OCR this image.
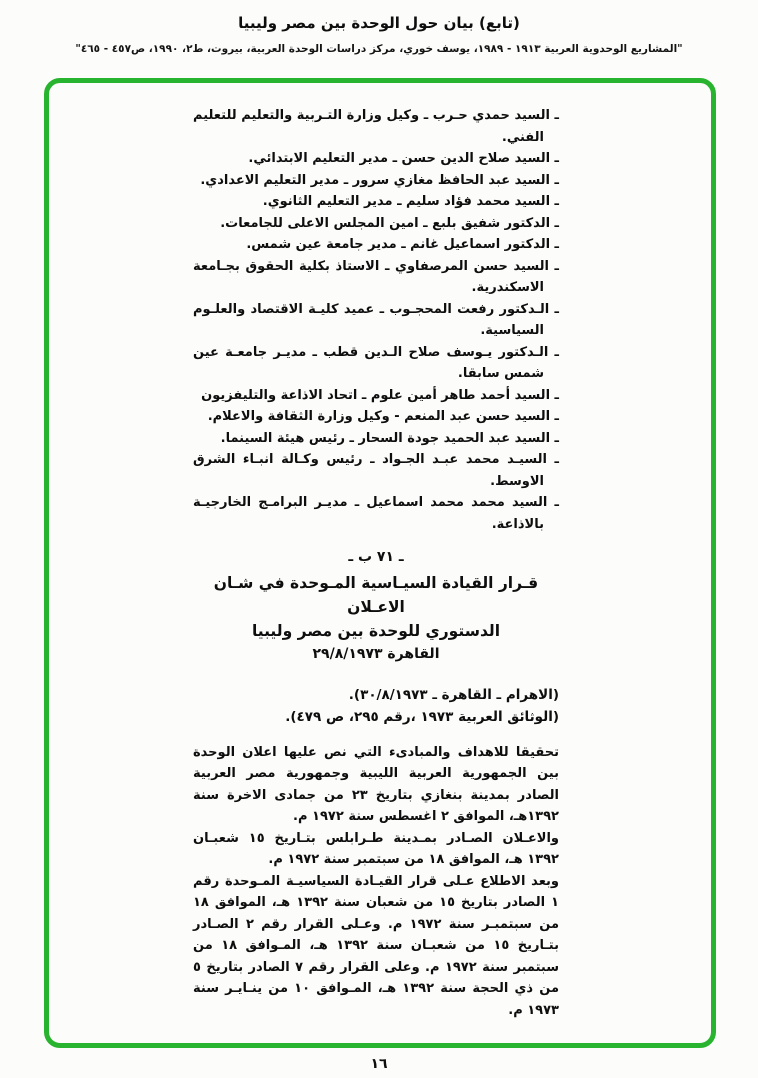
(تابع) بيان حول الوحدة بين مصر وليبيا
"المشاريع الوحدوية العربية ١٩١٣ - ١٩٨٩، يوسف خوري، مركز دراسات الوحدة العربية، بيروت، ط٢، ١٩٩٠، ص٤٥٧ - ٤٦٥"
ـ السيد حمدي حـرب ـ وكيل وزارة التـربية والتعليم للتعليم الفني.
ـ السيد صلاح الدين حسن ـ مدير التعليم الابتدائي.
ـ السيد عبد الحافظ مغازي سرور ـ مدير التعليم الاعدادي.
ـ السيد محمد فؤاد سليم ـ مدير التعليم الثانوي.
ـ الدكتور شفيق بلبع ـ امين المجلس الاعلى للجامعات.
ـ الدكتور اسماعيل غانم ـ مدير جامعة عين شمس.
ـ السيد حسن المرصفاوي ـ الاستاذ بكلية الحقوق بجـامعة الاسكندرية.
ـ الـدكتور رفعت المحجـوب ـ عميد كليـة الاقتصاد والعلـوم السياسية.
ـ الـدكتور يـوسف صلاح الـدين قطب ـ مديـر جامعـة عين شمس سابقا.
ـ السيد أحمد طاهر أمين علوم ـ اتحاد الاذاعة والتليفزيون
ـ السيد حسن عبد المنعم - وكيل وزارة الثقافة والاعلام.
ـ السيد عبد الحميد جودة السحار ـ رئيس هيئة السينما.
ـ السيـد محمد عبـد الجـواد ـ رئيس وكـالة انبـاء الشرق الاوسط.
ـ السيد محمد محمد اسماعيل ـ مديـر البرامـج الخارجيـة بالاذاعة.
ـ ٧١ ب ـ
قـرار القيادة السيـاسية المـوحدة في شـان الاعـلان
الدستوري للوحدة بين مصر وليبيا
القاهرة ٢٩/٨/١٩٧٣
(الاهرام ـ القاهرة ـ ٣٠/٨/١٩٧٣).
(الوثائق العربية ١٩٧٣ ،رقم ٢٩٥، ص ٤٧٩).

تحقيقا للاهداف والمبادىء التي نص عليها اعلان الوحدة بين الجمهورية العربية الليبية وجمهورية مصر العربية الصادر بمدينة بنغازي بتاريخ ٢٣ من جمادى الاخرة سنة ١٣٩٢هـ، الموافق ٢ اغسطس سنة ١٩٧٢ م.

والاعـلان الصـادر بمـدينة طـرابلس بتـاريخ ١٥ شعبـان ١٣٩٢ هـ، الموافق ١٨ من سبتمبر سنة ١٩٧٢ م.

وبعد الاطلاع عـلى قرار القيـادة السياسيـة المـوحدة رقم ١ الصادر بتاريخ ١٥ من شعبان سنة ١٣٩٢ هـ، الموافق ١٨ من سبتمبـر سنة ١٩٧٢ م. وعـلى القرار رقم ٢ الصـادر بتـاريخ ١٥ من شعبـان سنة ١٣٩٢ هـ، المـوافق ١٨ من سبتمبر سنة ١٩٧٢ م. وعلى القرار رقم ٧ الصادر بتاريخ ٥ من ذي الحجة سنة ١٣٩٢ هـ، المـوافق ١٠ من ينـايـر سنة ١٩٧٣ م.

١٦
